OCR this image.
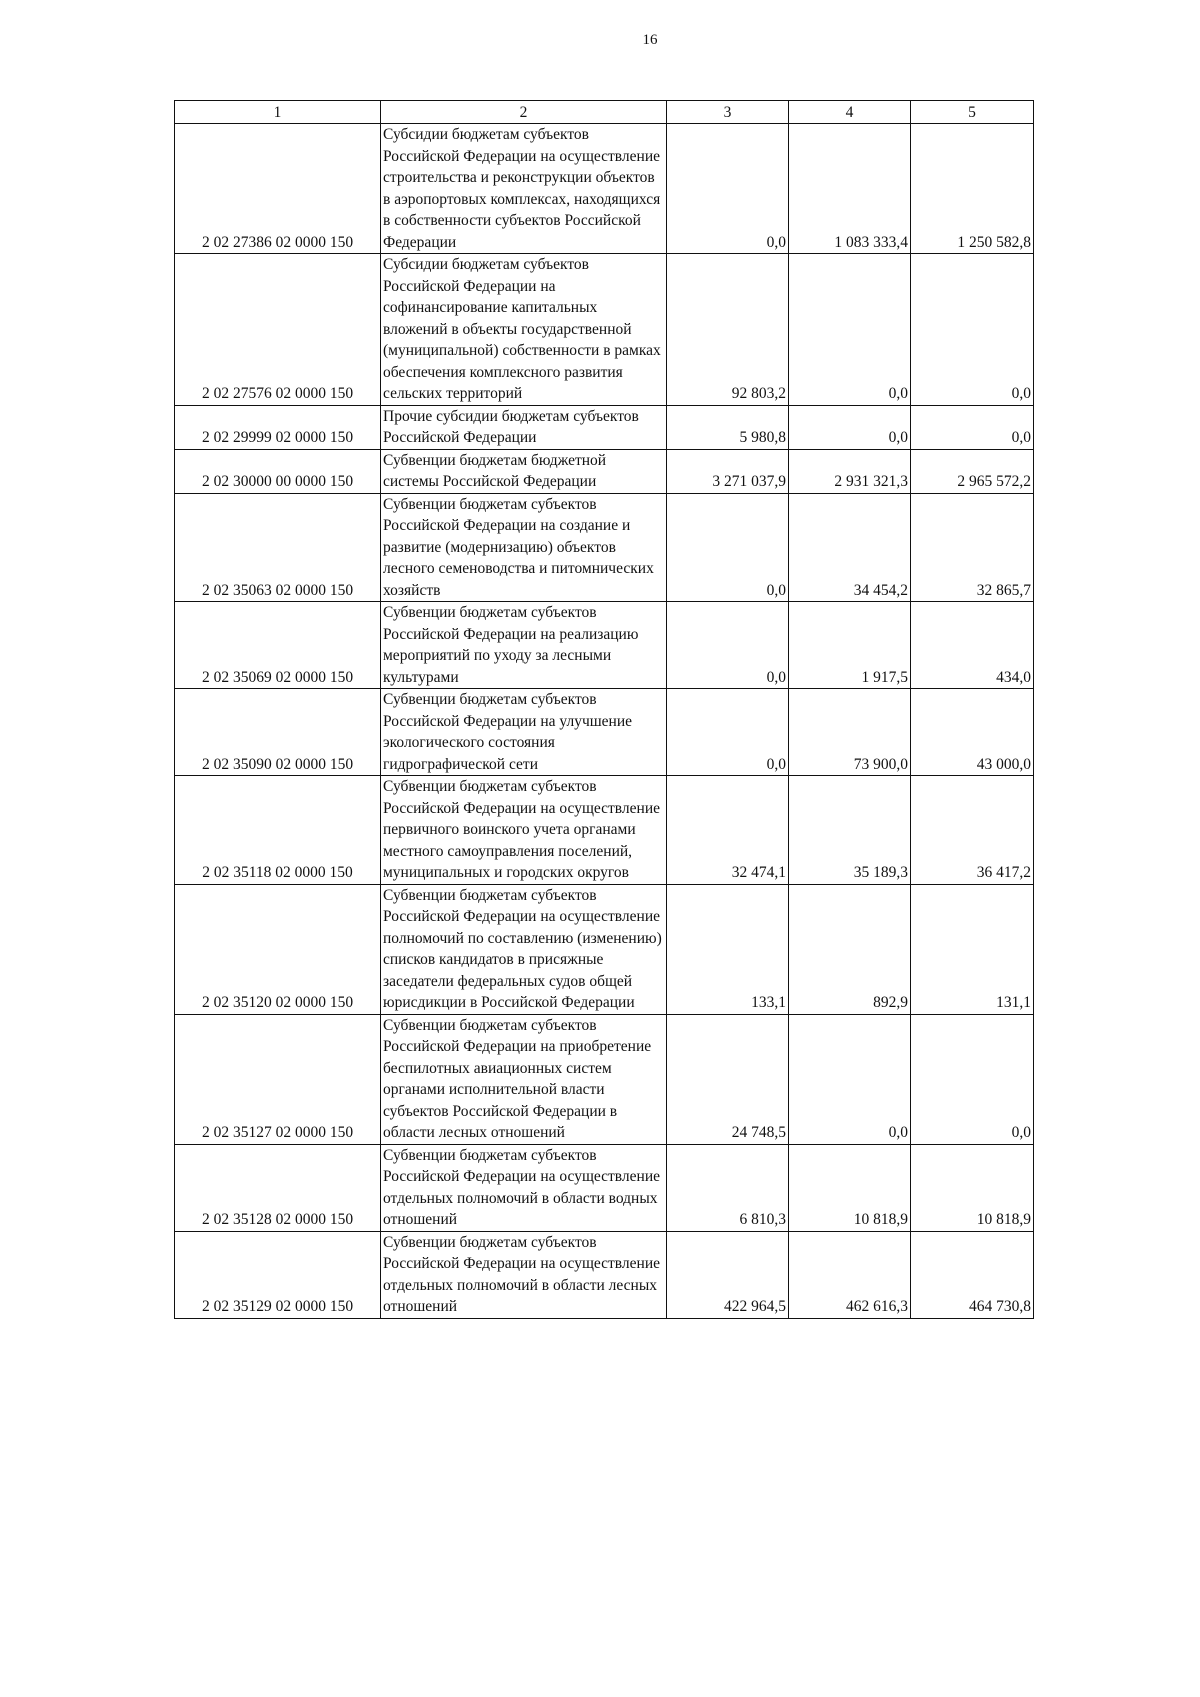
16
1	2	3	4	5
2 02 27386 02 0000 150	Субсидии бюджетам субъектов Российской Федерации на осуществление строительства и реконструкции объектов в аэропортовых комплексах, находящихся в собственности субъектов Российской Федерации	0,0	1 083 333,4	1 250 582,8
2 02 27576 02 0000 150	Субсидии бюджетам субъектов Российской Федерации на софинансирование капитальных вложений в объекты государственной (муниципальной) собственности в рамках обеспечения комплексного развития сельских территорий	92 803,2	0,0	0,0
2 02 29999 02 0000 150	Прочие субсидии бюджетам субъектов Российской Федерации	5 980,8	0,0	0,0
2 02 30000 00 0000 150	Субвенции бюджетам бюджетной системы Российской Федерации	3 271 037,9	2 931 321,3	2 965 572,2
2 02 35063 02 0000 150	Субвенции бюджетам субъектов Российской Федерации на создание и развитие (модернизацию) объектов лесного семеноводства и питомнических хозяйств	0,0	34 454,2	32 865,7
2 02 35069 02 0000 150	Субвенции бюджетам субъектов Российской Федерации на реализацию мероприятий по уходу за лесными культурами	0,0	1 917,5	434,0
2 02 35090 02 0000 150	Субвенции бюджетам субъектов Российской Федерации на улучшение экологического состояния гидрографической сети	0,0	73 900,0	43 000,0
2 02 35118 02 0000 150	Субвенции бюджетам субъектов Российской Федерации на осуществление первичного воинского учета органами местного самоуправления поселений, муниципальных и городских округов	32 474,1	35 189,3	36 417,2
2 02 35120 02 0000 150	Субвенции бюджетам субъектов Российской Федерации на осуществление полномочий по составлению (изменению) списков кандидатов в присяжные заседатели федеральных судов общей юрисдикции в Российской Федерации	133,1	892,9	131,1
2 02 35127 02 0000 150	Субвенции бюджетам субъектов Российской Федерации на приобретение беспилотных авиационных систем органами исполнительной власти субъектов Российской Федерации в области лесных отношений	24 748,5	0,0	0,0
2 02 35128 02 0000 150	Субвенции бюджетам субъектов Российской Федерации на осуществление отдельных полномочий в области водных отношений	6 810,3	10 818,9	10 818,9
2 02 35129 02 0000 150	Субвенции бюджетам субъектов Российской Федерации на осуществление отдельных полномочий в области лесных отношений	422 964,5	462 616,3	464 730,8
